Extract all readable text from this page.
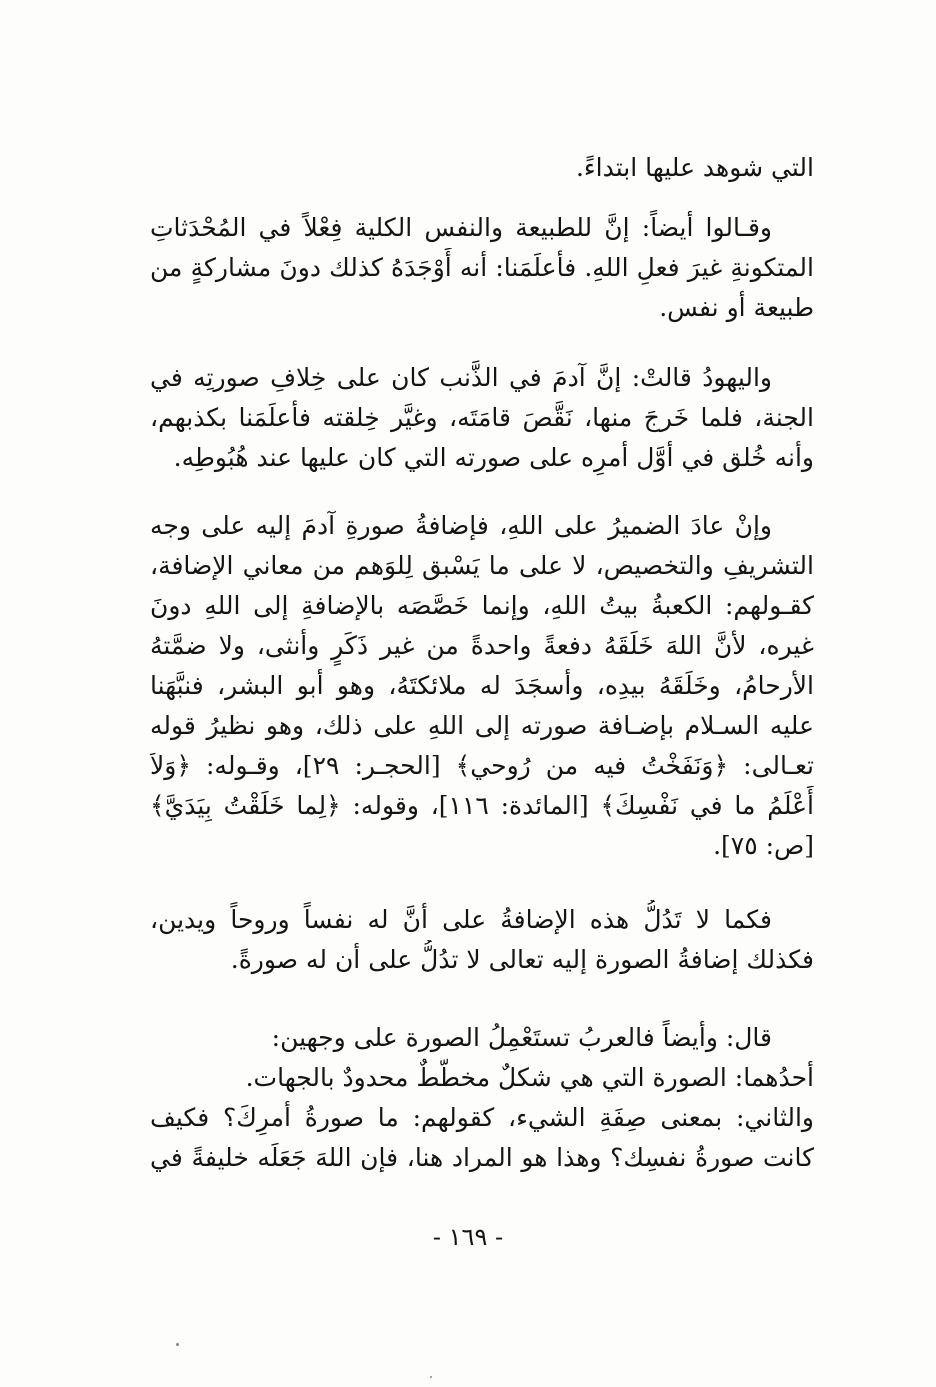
التي شوهد عليها ابتداءً.
وقـالوا أيضاً: إنَّ للطبيعة والنفس الكلية فِعْلاً في المُحْدَثاتِ
المتكونةِ غيرَ فعلِ اللهِ. فأعلَمَنا: أنه أَوْجَدَهُ كذلك دونَ مشاركةٍ من
طبيعة أو نفس.
واليهودُ قالتْ: إنَّ آدمَ في الذَّنب كان على خِلافِ صورتِه في
الجنة، فلما خَرجَ منها، نَقَّصَ قامَتَه، وغيَّر خِلقته فأعلَمَنا بكذبهم،
وأنه خُلق في أوَّل أمرِه على صورته التي كان عليها عند هُبُوطِه.
وإنْ عادَ الضميرُ على اللهِ، فإضافةُ صورةِ آدمَ إليه على وجه
التشريفِ والتخصيص، لا على ما يَسْبق لِلوَهم من معاني الإضافة،
كقـولهم: الكعبةُ بيتُ اللهِ، وإنما خَصَّصَه بالإضافةِ إلى اللهِ دونَ
غيره، لأنَّ اللهَ خَلَقَهُ دفعةً واحدةً من غير ذَكَرٍ وأنثى، ولا ضمَّتهُ
الأرحامُ، وخَلَقَهُ بيدِه، وأسجَدَ له ملائكتَهُ، وهو أبو البشر، فنبَّهَنا
عليه السـلام بإضـافة صورته إلى اللهِ على ذلك، وهو نظيرُ قوله
تعـالى: ﴿وَنَفَخْتُ فيه من رُوحي﴾ [الحجـر: ٢٩]، وقـوله: ﴿وَلاَ
أَعْلَمُ ما في نَفْسِكَ﴾ [المائدة: ١١٦]، وقوله: ﴿لِما خَلَقْتُ بِيَدَيَّ﴾
[ص: ٧٥].
فكما لا تَدُلُّ هذه الإضافةُ على أنَّ له نفساً وروحاً ويدين،
فكذلك إضافةُ الصورة إليه تعالى لا تدُلُّ على أن له صورةً.
قال: وأيضاً فالعربُ تستَعْمِلُ الصورة على وجهين:
أحدُهما: الصورة التي هي شكلٌ مخطَّطٌ محدودٌ بالجهات.
والثاني: بمعنى صِفَةِ الشيء، كقولهم: ما صورةُ أمرِكَ؟ فكيف
كانت صورةُ نفسِك؟ وهذا هو المراد هنا، فإن اللهَ جَعَلَه خليفةً في
- ١٦٩ -
